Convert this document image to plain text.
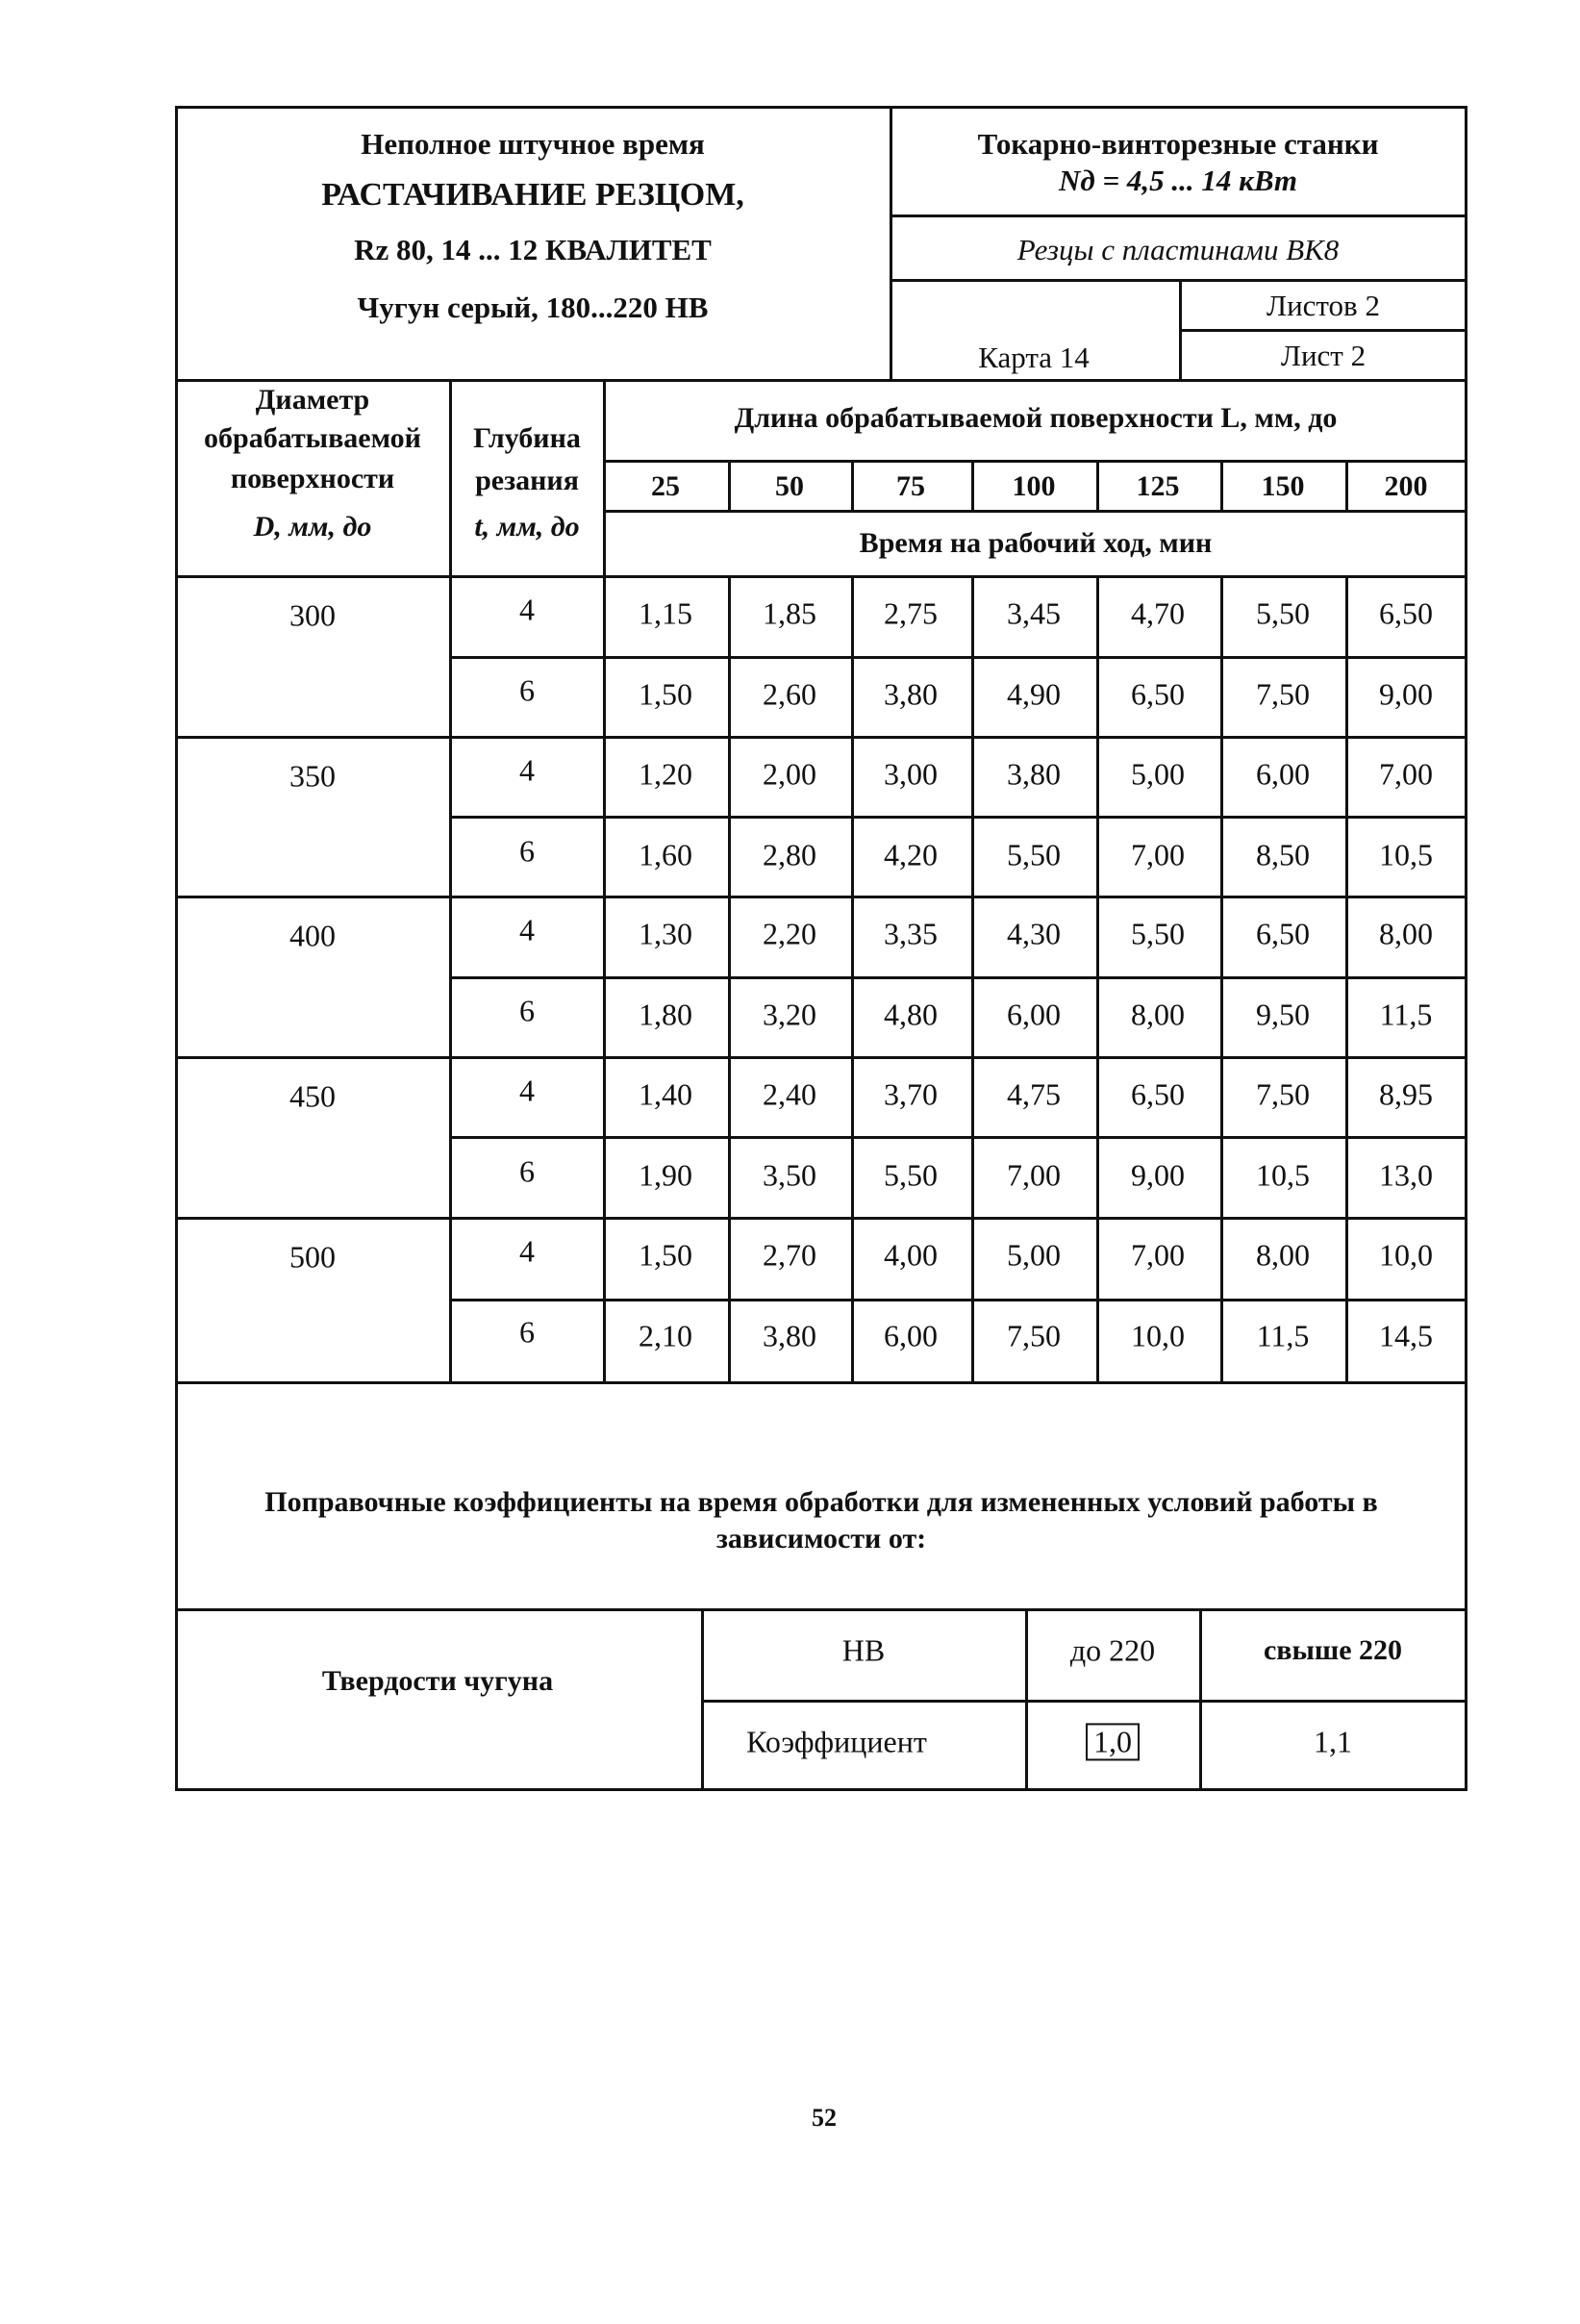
Неполное штучное время
РАСТАЧИВАНИЕ РЕЗЦОМ,
Rz 80, 14 ... 12 КВАЛИТЕТ
Чугун серый, 180...220 НВ
Токарно-винторезные станки
Nд = 4,5 ... 14 кВт
Резцы с пластинами ВК8
Листов 2
Лист 2
Карта 14
Диаметр
обрабатываемой
поверхности
D, мм, до
Глубина
резания
t, мм, до
Длина обрабатываемой поверхности L, мм, до
Время на рабочий ход, мин
25	50	75	100	125	150	200
300	4	1,15 1,85 2,75 3,45 4,70 5,50 6,50
6	1,50 2,60 3,80 4,90 6,50 7,50 9,00
350	4	1,20 2,00 3,00 3,80 5,00 6,00 7,00
6	1,60 2,80 4,20 5,50 7,00 8,50 10,5
400	4	1,30 2,20 3,35 4,30 5,50 6,50 8,00
6	1,80 3,20 4,80 6,00 8,00 9,50 11,5
450	4	1,40 2,40 3,70 4,75 6,50 7,50 8,95
6	1,90 3,50 5,50 7,00 9,00 10,5 13,0
500	4	1,50 2,70 4,00 5,00 7,00 8,00 10,0
6	2,10 3,80 6,00 7,50 10,0 11,5 14,5
Поправочные коэффициенты на время обработки для измененных условий работы в
зависимости от:
Твердости чугуна
НВ	до 220	свыше 220
Коэффициент	1,0	1,1
52
